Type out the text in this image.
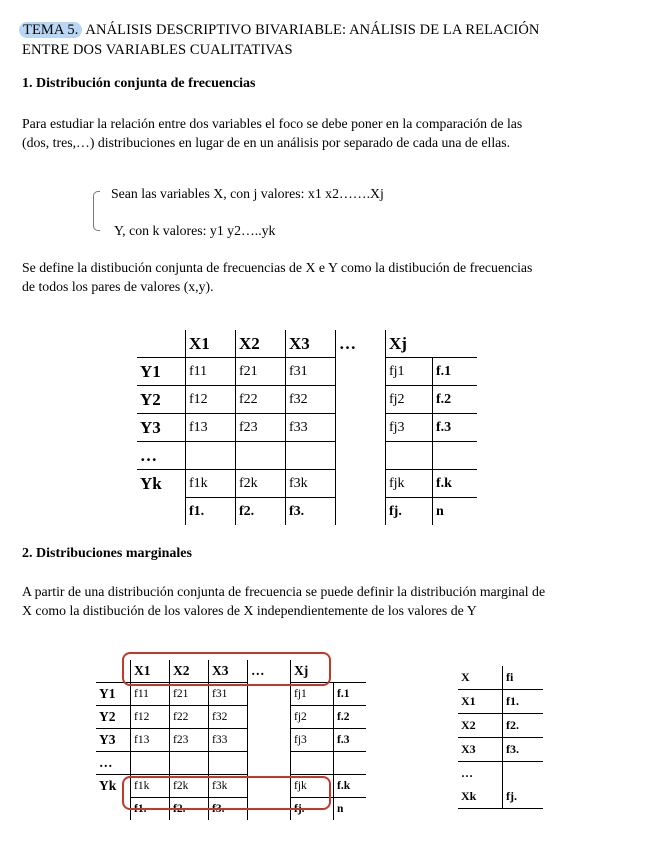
TEMA 5. ANÁLISIS DESCRIPTIVO BIVARIABLE: ANÁLISIS DE LA RELACIÓN
ENTRE DOS VARIABLES CUALITATIVAS
1. Distribución conjunta de frecuencias
Para estudiar la relación entre dos variables el foco se debe poner en la comparación de las
(dos, tres,…) distribuciones en lugar de en un análisis por separado de cada una de ellas.
Sean las variables X, con j valores: x1 x2…….Xj
Y, con k valores: y1 y2…..yk
Se define la distibución conjunta de frecuencias de X e Y como la distibución de frecuencias
de todos los pares de valores (x,y).
	X1	X2	X3	…	Xj	
Y1	f11	f21	f31		fj1	f.1
Y2	f12	f22	f32		fj2	f.2
Y3	f13	f23	f33		fj3	f.3
…						
Yk	f1k	f2k	f3k		fjk	f.k
	f1.	f2.	f3.		fj.	n
2. Distribuciones marginales
A partir de una distribución conjunta de frecuencia se puede definir la distribución marginal de
X como la distibución de los valores de X independientemente de los valores de Y
	X1	X2	X3	…	Xj	
Y1	f11	f21	f31		fj1	f.1
Y2	f12	f22	f32		fj2	f.2
Y3	f13	f23	f33		fj3	f.3
…						
Yk	f1k	f2k	f3k		fjk	f.k
	f1.	f2.	f3.		fj.	n
X	fi
X1	f1.
X2	f2.
X3	f3.
…	
Xk	fj.
